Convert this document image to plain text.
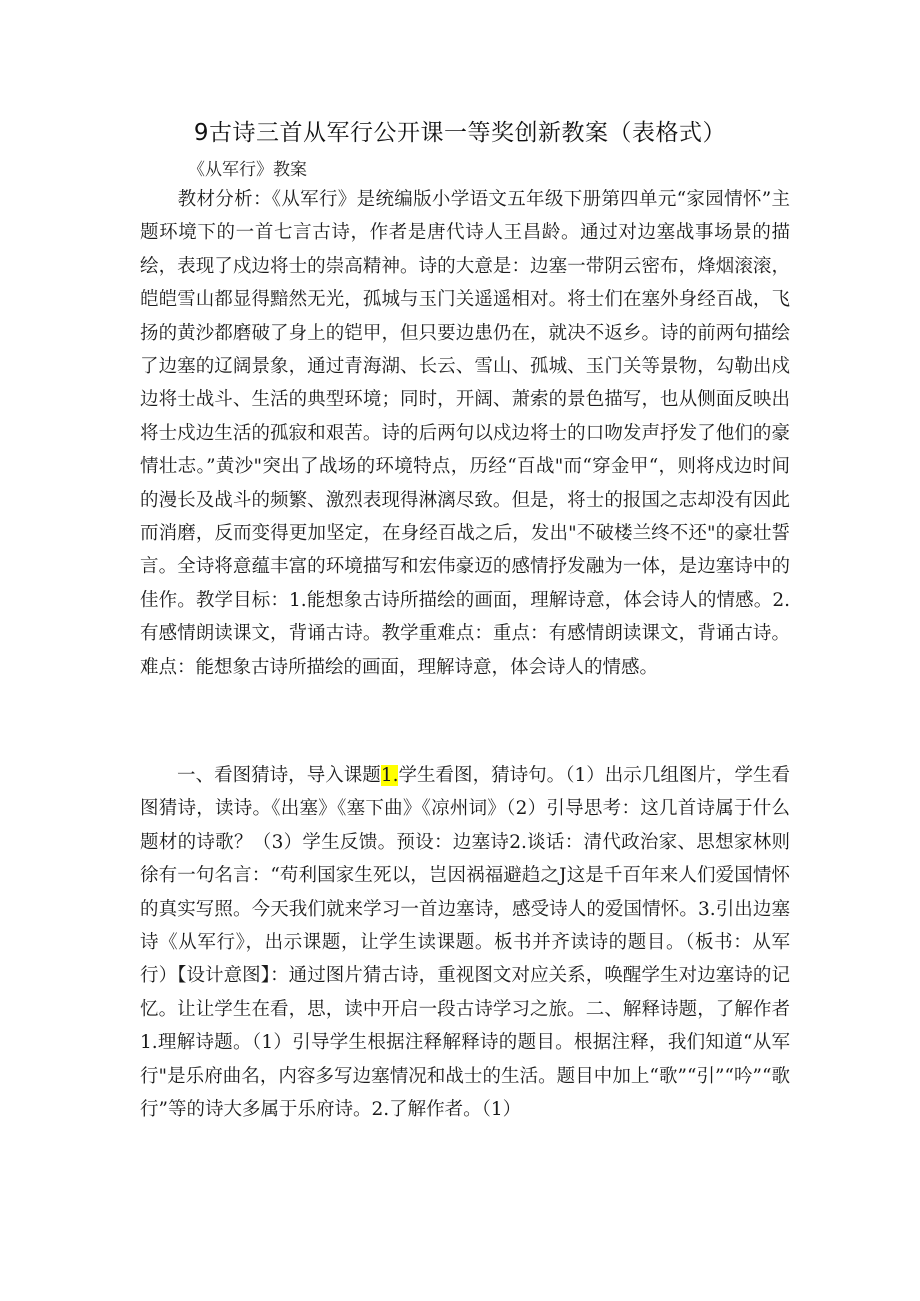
9古诗三首从军行公开课一等奖创新教案（表格式）
《从军行》教案

　　教材分析：《从军行》是统编版小学语文五年级下册第四单元“家园情怀”主题环境下的一首七言古诗，作者是唐代诗人王昌龄。通过对边塞战事场景的描绘，表现了戍边将士的崇高精神。诗的大意是：边塞一带阴云密布，烽烟滚滚，皑皑雪山都显得黯然无光，孤城与玉门关遥遥相对。将士们在塞外身经百战，飞扬的黄沙都磨破了身上的铠甲，但只要边患仍在，就决不返乡。诗的前两句描绘了边塞的辽阔景象，通过青海湖、长云、雪山、孤城、玉门关等景物，勾勒出戍边将士战斗、生活的典型环境；同时，开阔、萧索的景色描写，也从侧面反映出将士戍边生活的孤寂和艰苦。诗的后两句以戍边将士的口吻发声抒发了他们的豪情壮志。”黄沙"突出了战场的环境特点，历经“百战"而“穿金甲“，则将戍边时间的漫长及战斗的频繁、激烈表现得淋漓尽致。但是，将士的报国之志却没有因此而消磨，反而变得更加坚定，在身经百战之后，发出"不破楼兰终不还"的豪壮誓言。全诗将意蕴丰富的环境描写和宏伟豪迈的感情抒发融为一体，是边塞诗中的佳作。教学目标：1.能想象古诗所描绘的画面，理解诗意，体会诗人的情感。2.有感情朗读课文，背诵古诗。教学重难点：重点：有感情朗读课文，背诵古诗。难点：能想象古诗所描绘的画面，理解诗意，体会诗人的情感。

　　一、看图猜诗，导入课题1.学生看图，猜诗句。（1）出示几组图片，学生看图猜诗，读诗。《出塞》《塞下曲》《凉州词》（2）引导思考：这几首诗属于什么题材的诗歌？（3）学生反馈。预设：边塞诗2.谈话：清代政治家、思想家林则徐有一句名言：“苟利国家生死以，岂因祸福避趋之J这是千百年来人们爱国情怀的真实写照。今天我们就来学习一首边塞诗，感受诗人的爱国情怀。3.引出边塞诗《从军行》，出示课题，让学生读课题。板书并齐读诗的题目。（板书：从军行）【设计意图】：通过图片猜古诗，重视图文对应关系，唤醒学生对边塞诗的记忆。让让学生在看，思，读中开启一段古诗学习之旅。二、解释诗题，了解作者1.理解诗题。（1）引导学生根据注释解释诗的题目。根据注释，我们知道“从军行"是乐府曲名，内容多写边塞情况和战士的生活。题目中加上“歌”“引”“吟”“歌行”等的诗大多属于乐府诗。2.了解作者。（1）
